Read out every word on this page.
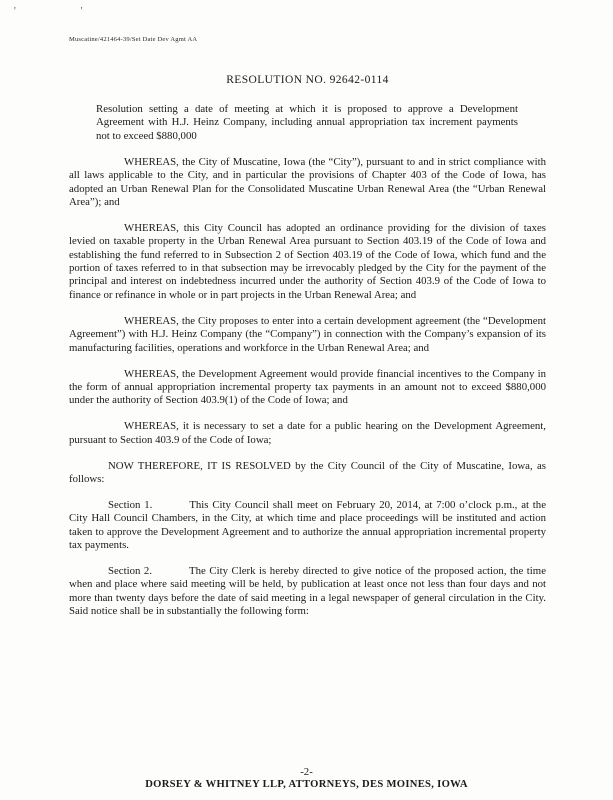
'  '
Muscatine/421464-39/Set Date Dev Agmt AA
RESOLUTION NO. 92642-0114

Resolution setting a date of meeting at which it is proposed to approve a Development Agreement with H.J. Heinz Company, including annual appropriation tax increment payments not to exceed $880,000

WHEREAS, the City of Muscatine, Iowa (the “City”), pursuant to and in strict compliance with all laws applicable to the City, and in particular the provisions of Chapter 403 of the Code of Iowa, has adopted an Urban Renewal Plan for the Consolidated Muscatine Urban Renewal Area (the “Urban Renewal Area”); and

WHEREAS, this City Council has adopted an ordinance providing for the division of taxes levied on taxable property in the Urban Renewal Area pursuant to Section 403.19 of the Code of Iowa and establishing the fund referred to in Subsection 2 of Section 403.19 of the Code of Iowa, which fund and the portion of taxes referred to in that subsection may be irrevocably pledged by the City for the payment of the principal and interest on indebtedness incurred under the authority of Section 403.9 of the Code of Iowa to finance or refinance in whole or in part projects in the Urban Renewal Area; and

WHEREAS, the City proposes to enter into a certain development agreement (the “Development Agreement”) with H.J. Heinz Company (the “Company”) in connection with the Company’s expansion of its manufacturing facilities, operations and workforce in the Urban Renewal Area; and

WHEREAS, the Development Agreement would provide financial incentives to the Company in the form of annual appropriation incremental property tax payments in an amount not to exceed $880,000 under the authority of Section 403.9(1) of the Code of Iowa; and

WHEREAS, it is necessary to set a date for a public hearing on the Development Agreement, pursuant to Section 403.9 of the Code of Iowa;

NOW THEREFORE, IT IS RESOLVED by the City Council of the City of Muscatine, Iowa, as follows:

Section 1.	This City Council shall meet on February 20, 2014, at 7:00 o’clock p.m., at the City Hall Council Chambers, in the City, at which time and place proceedings will be instituted and action taken to approve the Development Agreement and to authorize the annual appropriation incremental property tax payments.

Section 2.	The City Clerk is hereby directed to give notice of the proposed action, the time when and place where said meeting will be held, by publication at least once not less than four days and not more than twenty days before the date of said meeting in a legal newspaper of general circulation in the City. Said notice shall be in substantially the following form:

-2-
DORSEY & WHITNEY LLP, ATTORNEYS, DES MOINES, IOWA
